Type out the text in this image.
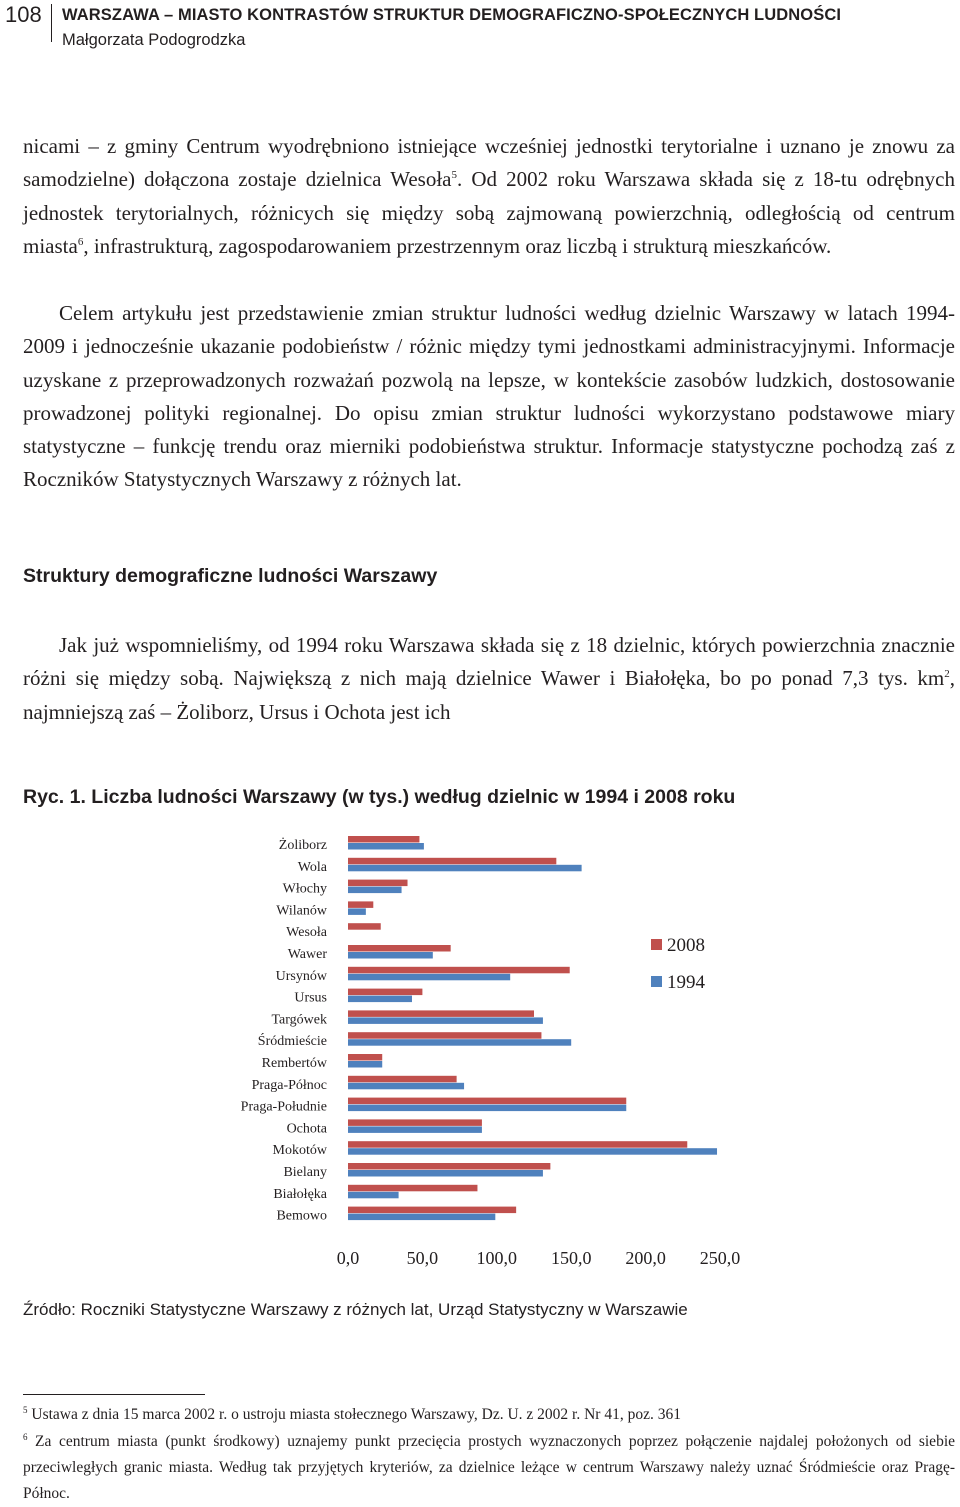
108 WARSZAWA – MIASTO KONTRASTÓW STRUKTUR DEMOGRAFICZNO-SPOŁECZNYCH LUDNOŚCI
Małgorzata Podogrodzka

nicami – z gminy Centrum wyodrębniono istniejące wcześniej jednostki terytorialne i uznano je znowu za samodzielne) dołączona zostaje dzielnica Wesoła$^5$. Od 2002 roku Warszawa składa się z 18-tu odrębnych jednostek terytorialnych, różnicych się między sobą zajmowaną powierzchnią, odległością od centrum miasta$^6$, infrastrukturą, zagospodarowaniem przestrzennym oraz liczbą i strukturą mieszkańców.

Celem artykułu jest przedstawienie zmian struktur ludności według dzielnic Warszawy w latach 1994-2009 i jednocześnie ukazanie podobieństw / różnic między tymi jednostkami administracyjnymi. Informacje uzyskane z przeprowadzonych rozważań pozwolą na lepsze, w kontekście zasobów ludzkich, dostosowanie prowadzonej polityki regionalnej. Do opisu zmian struktur ludności wykorzystano podstawowe miary statystyczne – funkcję trendu oraz mierniki podobieństwa struktur. Informacje statystyczne pochodzą zaś z Roczników Statystycznych Warszawy z różnych lat.

Struktury demograficzne ludności Warszawy

Jak już wspomnieliśmy, od 1994 roku Warszawa składa się z 18 dzielnic, których powierzchnia znacznie różni się między sobą. Największą z nich mają dzielnice Wawer i Białołęka, bo po ponad 7,3 tys. $km^2$, najmniejszą zaś – Żoliborz, Ursus i Ochota jest ich

Ryc. 1. Liczba ludności Warszawy (w tys.) według dzielnic w 1994 i 2008 roku
Żoliborz
Wola
Włochy
Wilanów
Wesoła
Wawer
Ursynów
Ursus
Targówek
Śródmieście
Rembertów
Praga-Północ
Praga-Południe
Ochota
Mokotów
Bielany
Białołęka
Bemowo
0,0	50,0 100,0 150,0 200,0 250,0
2008
1994
Źródło: Roczniki Statystyczne Warszawy z różnych lat, Urząd Statystyczny w Warszawie

$^5$ Ustawa z dnia 15 marca 2002 r. o ustroju miasta stołecznego Warszawy, Dz. U. z 2002 r. Nr 41, poz. 361

$^6$ Za centrum miasta (punkt środkowy) uznajemy punkt przecięcia prostych wyznaczonych poprzez połączenie najdalej położonych od siebie przeciwległych granic miasta. Według tak przyjętych kryteriów, za dzielnice leżące w centrum Warszawy należy uznać Śródmieście oraz Pragę-Północ.
